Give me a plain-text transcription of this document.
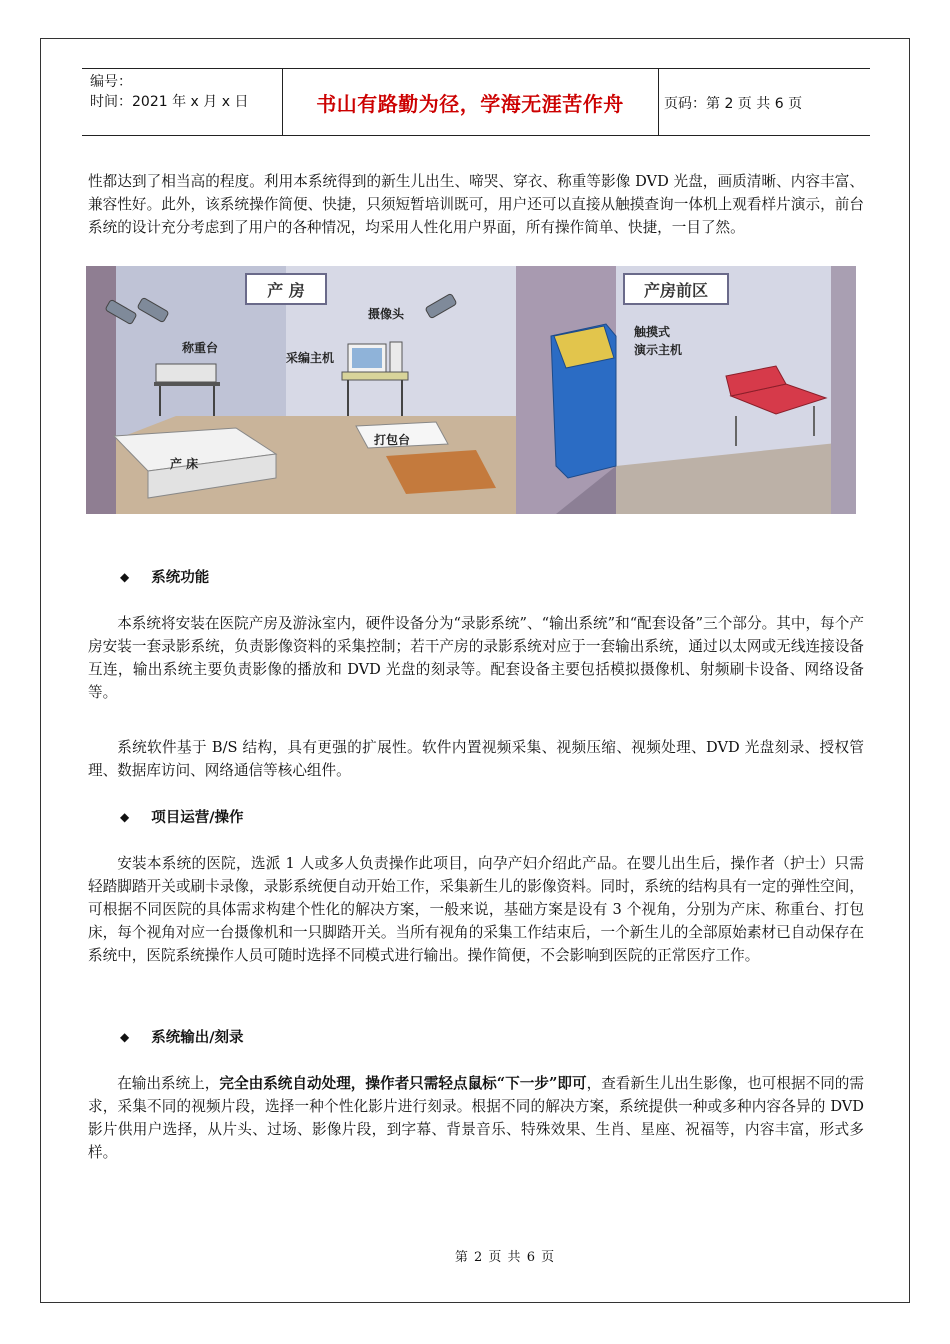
编号：
时间：2021 年 x 月 x 日	书山有路勤为径，学海无涯苦作舟	页码：第 2 页 共 6 页

性都达到了相当高的程度。利用本系统得到的新生儿出生、啼哭、穿衣、称重等影像 DVD 光盘，画质清晰、内容丰富、兼容性好。此外，该系统操作简便、快捷，只须短暂培训既可，用户还可以直接从触摸查询一体机上观看样片演示，前台系统的设计充分考虑到了用户的各种情况，均采用人性化用户界面，所有操作简单、快捷，一目了然。

产 房	产房前区
摄像头
称重台
采编主机
产 床
打包台
触摸式
演示主机
◆ 系统功能

本系统将安装在医院产房及游泳室内，硬件设备分为“录影系统”、“输出系统”和“配套设备”三个部分。其中，每个产房安装一套录影系统，负责影像资料的采集控制；若干产房的录影系统对应于一套输出系统，通过以太网或无线连接设备互连，输出系统主要负责影像的播放和 DVD 光盘的刻录等。配套设备主要包括模拟摄像机、射频刷卡设备、网络设备等。

系统软件基于 B/S 结构，具有更强的扩展性。软件内置视频采集、视频压缩、视频处理、DVD 光盘刻录、授权管理、数据库访问、网络通信等核心组件。

◆ 项目运营/操作

安装本系统的医院，选派 1 人或多人负责操作此项目，向孕产妇介绍此产品。在婴儿出生后，操作者（护士）只需轻踏脚踏开关或刷卡录像，录影系统便自动开始工作，采集新生儿的影像资料。同时，系统的结构具有一定的弹性空间，可根据不同医院的具体需求构建个性化的解决方案，一般来说，基础方案是设有 3 个视角，分别为产床、称重台、打包床，每个视角对应一台摄像机和一只脚踏开关。当所有视角的采集工作结束后，一个新生儿的全部原始素材已自动保存在系统中，医院系统操作人员可随时选择不同模式进行输出。操作简便，不会影响到医院的正常医疗工作。

◆ 系统输出/刻录

在输出系统上，完全由系统自动处理，操作者只需轻点鼠标“下一步”即可，查看新生儿出生影像，也可根据不同的需求，采集不同的视频片段，选择一种个性化影片进行刻录。根据不同的解决方案，系统提供一种或多种内容各异的 DVD 影片供用户选择，从片头、过场、影像片段，到字幕、背景音乐、特殊效果、生肖、星座、祝福等，内容丰富，形式多样。

第 2 页 共 6 页
